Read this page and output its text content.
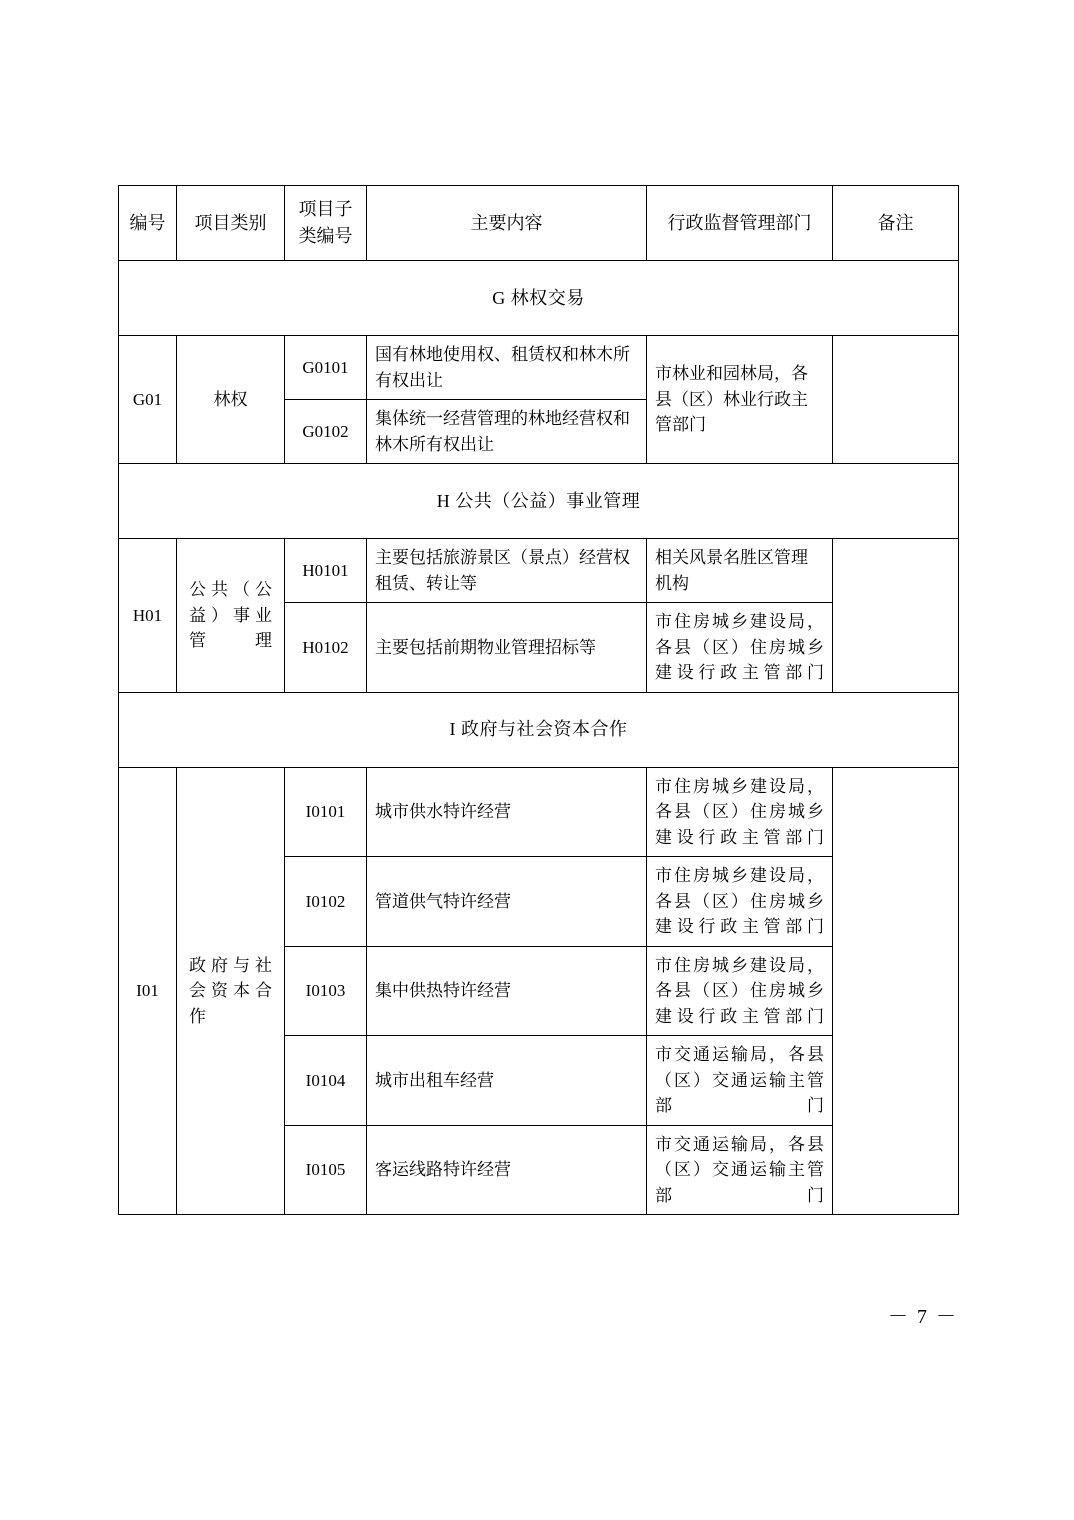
编号	项目类别	项目子类编号	主要内容	行政监督管理部门	备注
G 林权交易					
G01	林权	G0101	国有林地使用权、租赁权和林木所有权出让	市林业和园林局，各县（区）林业行政主管部门	
		G0102	集体统一经营管理的林地经营权和林木所有权出让		
H 公共（公益）事业管理					
H01	公共（公益）事业管理	H0101	主要包括旅游景区（景点）经营权租赁、转让等	相关风景名胜区管理机构	
		H0102	主要包括前期物业管理招标等	市住房城乡建设局，各县（区）住房城乡建设行政主管部门	
I 政府与社会资本合作					
I01	政府与社会资本合作	I0101	城市供水特许经营	市住房城乡建设局，各县（区）住房城乡建设行政主管部门	
		I0102	管道供气特许经营	市住房城乡建设局，各县（区）住房城乡建设行政主管部门	
		I0103	集中供热特许经营	市住房城乡建设局，各县（区）住房城乡建设行政主管部门	
		I0104	城市出租车经营	市交通运输局，各县（区）交通运输主管部门	
		I0105	客运线路特许经营	市交通运输局，各县（区）交通运输主管部门	
－ 7 －
